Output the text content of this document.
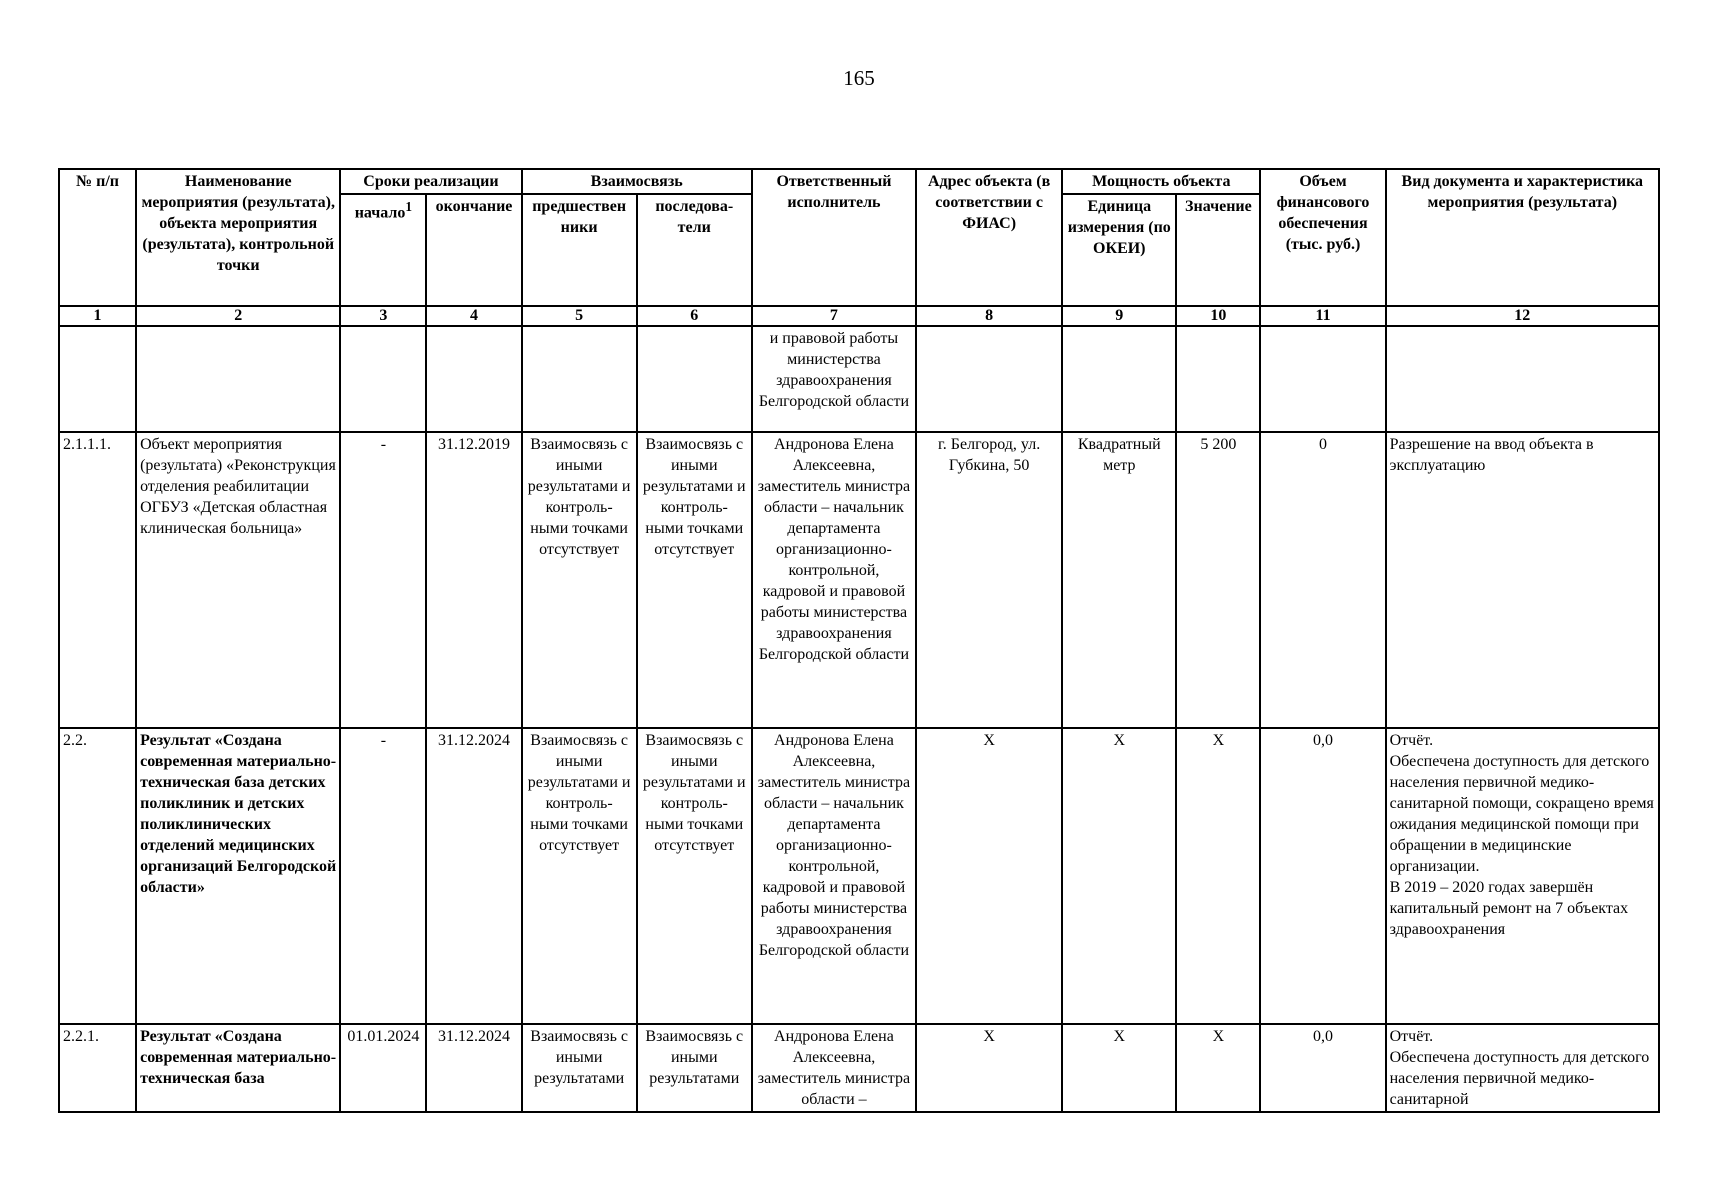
165
№ п/п	Наименование мероприятия (результата), объекта мероприятия (результата), контрольной точки	Сроки реализации		Взаимосвязь		Ответственный исполнитель	Адрес объекта (в соответствии с ФИАС)	Мощность объекта		Объем финансового обеспечения (тыс. руб.)	Вид документа и характеристика мероприятия (результата)
		начало$^1$	окончание	предшествен ники	последова- тели			Единица измерения (по ОКЕИ)	Значение		
1	2	3	4	5	6	7	8	9	10	11	12
						и правовой работы министерства здравоохранения Белгородской области					
2.1.1.1.	Объект мероприятия (результата) «Реконструкция отделения реабилитации ОГБУЗ «Детская областная клиническая больница»	-	31.12.2019	Взаимосвязь с иными результатами и контроль- ными точками отсутствует	Взаимосвязь с иными результатами и контроль- ными точками отсутствует	Андронова Елена Алексеевна, заместитель министра области – начальник департамента организационно- контрольной, кадровой и правовой работы министерства здравоохранения Белгородской области	г. Белгород, ул. Губкина, 50	Квадратный метр	5 200	0	Разрешение на ввод объекта в эксплуатацию
2.2.	Результат «Создана современная материально- техническая база детских поликлиник и детских поликлинических отделений медицинских организаций Белгородской области»	-	31.12.2024	Взаимосвязь с иными результатами и контроль- ными точками отсутствует	Взаимосвязь с иными результатами и контроль- ными точками отсутствует	Андронова Елена Алексеевна, заместитель министра области – начальник департамента организационно- контрольной, кадровой и правовой работы министерства здравоохранения Белгородской области	Х	Х	Х	0,0	Отчёт.
Обеспечена доступность для детского населения первичной медико-санитарной помощи, сокращено время ожидания медицинской помощи при обращении в медицинские организации.
В 2019 – 2020 годах завершён капитальный ремонт на 7 объектах здравоохранения

2.2.1.	Результат «Создана современная материально- техническая база	01.01.2024	31.12.2024	Взаимосвязь с иными результатами	Взаимосвязь с иными результатами	Андронова Елена Алексеевна, заместитель министра области –	Х	Х	Х	0,0	Отчёт.
Обеспечена доступность для детского населения первичной медико-санитарной
